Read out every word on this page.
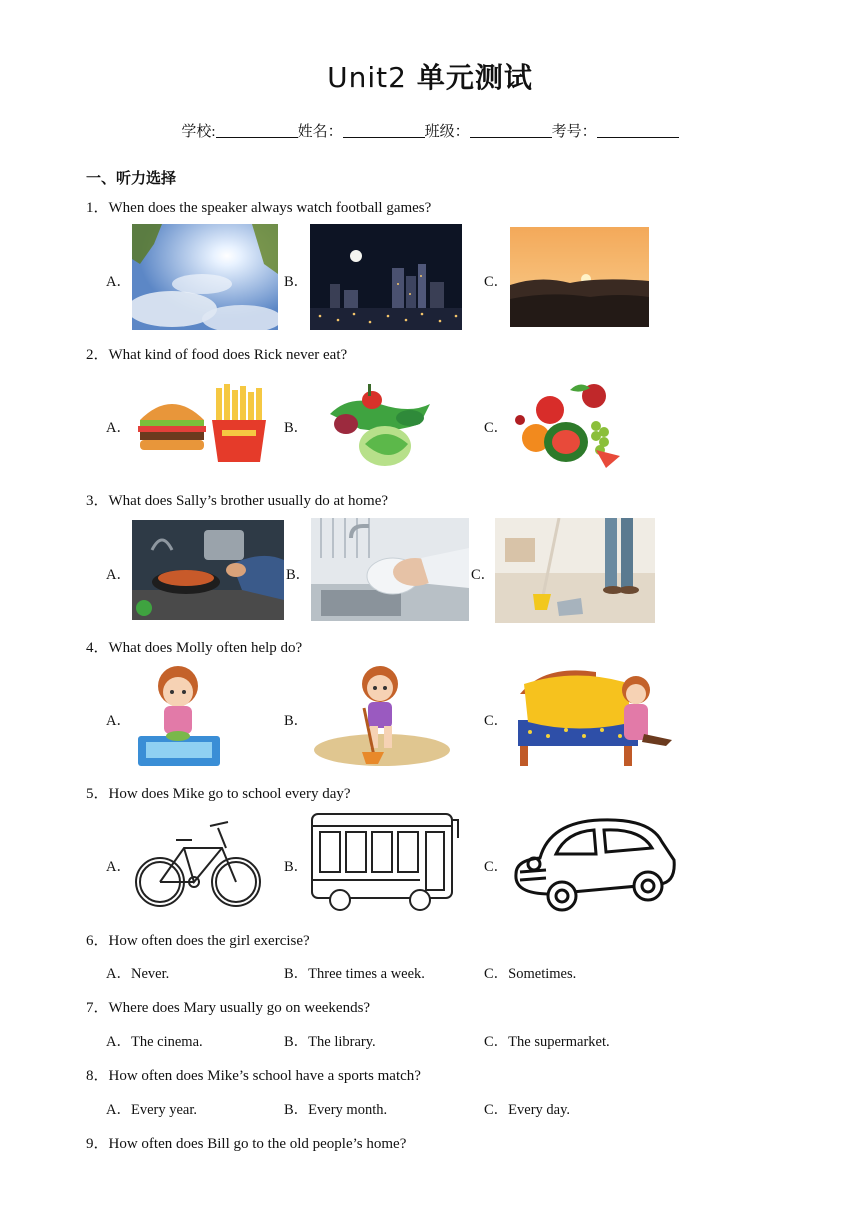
Unit2 单元测试
学校:	姓名：	班级：	考号：
一、听力选择
1．When does the speaker always watch football games?
A．	B．	C．
2．What kind of food does Rick never eat?
A．	B．	C．
3．What does Sally’s brother usually do at home?
A．	B．	C．
4．What does Molly often help do?
A．	B．	C．
5．How does Mike go to school every day?
A．	B．	C．
6．How often does the girl exercise?
A．Never.	B．Three times a week.	C．Sometimes.
7．Where does Mary usually go on weekends?
A．The cinema.	B．The library.	C．The supermarket.
8．How often does Mike’s school have a sports match?
A．Every year.	B．Every month.	C．Every day.
9．How often does Bill go to the old people’s home?
